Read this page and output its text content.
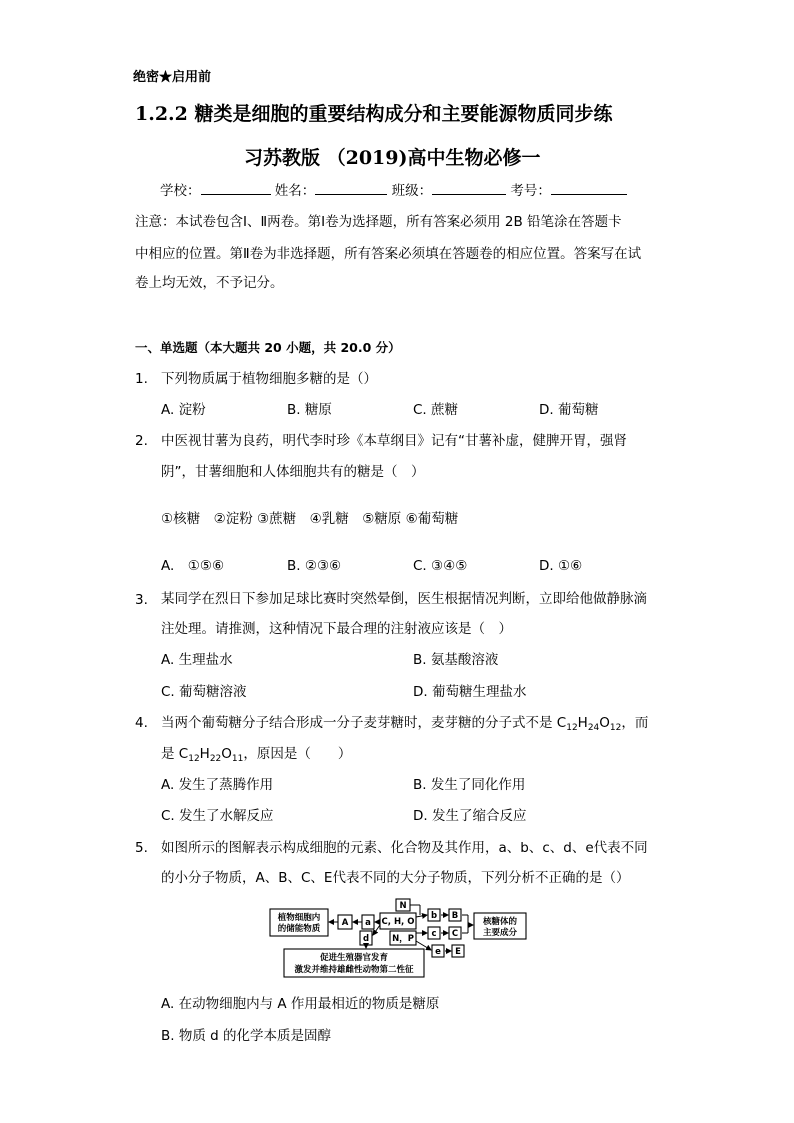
绝密★启用前
1.2.2 糖类是细胞的重要结构成分和主要能源物质同步练
习苏教版 （2019)高中生物必修一
学校：	姓名：	班级：	考号：
注意：本试卷包含Ⅰ、Ⅱ两卷。第Ⅰ卷为选择题，所有答案必须用 2B 铅笔涂在答题卡
中相应的位置。第Ⅱ卷为非选择题，所有答案必须填在答题卷的相应位置。答案写在试
卷上均无效，不予记分。
一、单选题（本大题共 20 小题，共 20.0 分）
1. 下列物质属于植物细胞多糖的是（）
A. 淀粉	B. 糖原	C. 蔗糖	D. 葡萄糖
2. 中医视甘薯为良药，明代李时珍《本草纲目》记有“甘薯补虚，健脾开胃，强肾
阴”，甘薯细胞和人体细胞共有的糖是（　）
①核糖　②淀粉 ③蔗糖　④乳糖　⑤糖原 ⑥葡萄糖
A.　①⑤⑥	B. ②③⑥	C. ③④⑤	D. ①⑥
3. 某同学在烈日下参加足球比赛时突然晕倒，医生根据情况判断，立即给他做静脉滴
注处理。请推测，这种情况下最合理的注射液应该是（　）
A. 生理盐水	B. 氨基酸溶液
C. 葡萄糖溶液	D. 葡萄糖生理盐水
4. 当两个葡萄糖分子结合形成一分子麦芽糖时，麦芽糖的分子式不是 $C_{12}H_{24}O_{12}$，而
是 $C_{12}H_{22}O_{11}$，原因是（　　）
A. 发生了蒸腾作用	B. 发生了同化作用
C. 发生了水解反应	D. 发生了缩合反应
5. 如图所示的图解表示构成细胞的元素、化合物及其作用，a、b、c、d、e代表不同
的小分子物质，A、B、C、E代表不同的大分子物质，下列分析不正确的是（）
植物细胞内
的储能物质
A a C, H, O
d
N
N，P
b B
c C
e E
核糖体的
主要成分
促进生殖器官发育
激发并维持雄雌性动物第二性征
A. 在动物细胞内与 A 作用最相近的物质是糖原
B. 物质 d 的化学本质是固醇
